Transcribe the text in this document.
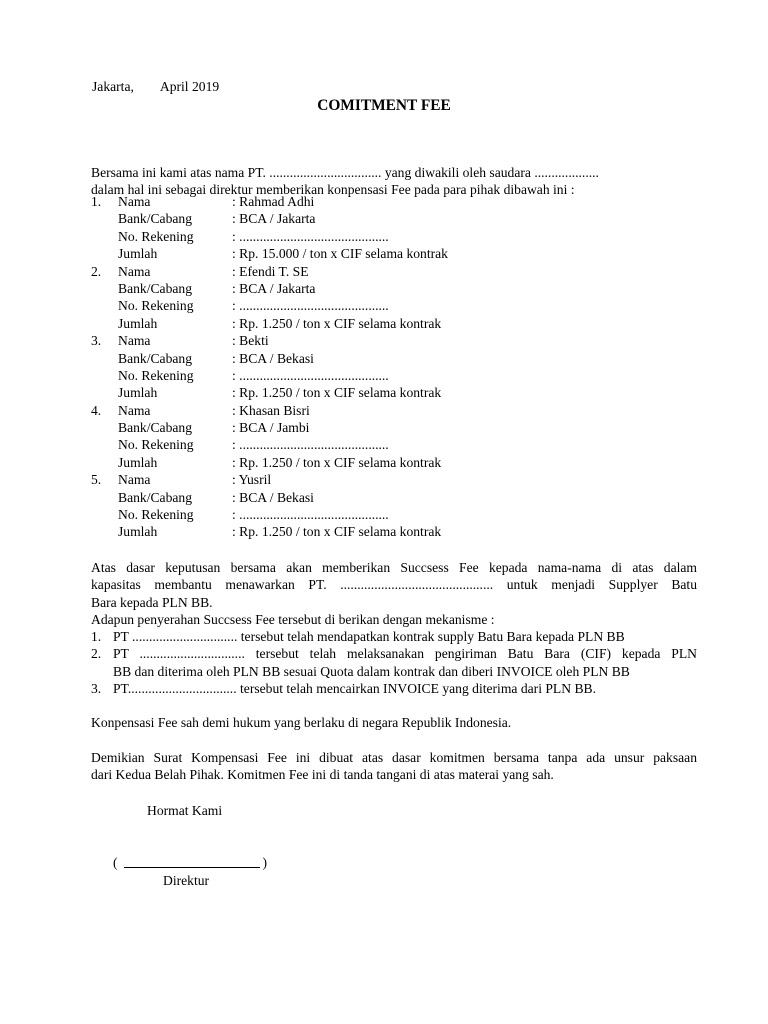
Jakarta, April 2019
COMITMENT FEE
Bersama ini kami atas nama PT. ................................. yang diwakili oleh saudara ...................
dalam hal ini sebagai direktur memberikan konpensasi Fee pada para pihak dibawah ini :
1. Nama	: Rahmad Adhi
Bank/Cabang	: BCA / Jakarta
No. Rekening	: ............................................
Jumlah	: Rp. 15.000 / ton x CIF selama kontrak
2. Nama	: Efendi T. SE
Bank/Cabang	: BCA / Jakarta
No. Rekening	: ............................................
Jumlah	: Rp. 1.250 / ton x CIF selama kontrak
3. Nama	: Bekti
Bank/Cabang	: BCA / Bekasi
No. Rekening	: ............................................
Jumlah	: Rp. 1.250 / ton x CIF selama kontrak
4. Nama	: Khasan Bisri
Bank/Cabang	: BCA / Jambi
No. Rekening	: ............................................
Jumlah	: Rp. 1.250 / ton x CIF selama kontrak
5. Nama	: Yusril
Bank/Cabang	: BCA / Bekasi
No. Rekening	: ............................................
Jumlah	: Rp. 1.250 / ton x CIF selama kontrak
Atas dasar keputusan bersama akan memberikan Succsess Fee kepada nama-nama di atas dalam
kapasitas membantu menawarkan PT. ............................................. untuk menjadi Supplyer Batu
Bara kepada PLN BB.
Adapun penyerahan Succsess Fee tersebut di berikan dengan mekanisme :
1. PT ............................... tersebut telah mendapatkan kontrak supply Batu Bara kepada PLN BB
2. PT ............................... tersebut telah melaksanakan pengiriman Batu Bara (CIF) kepada PLN
BB dan diterima oleh PLN BB sesuai Quota dalam kontrak dan diberi INVOICE oleh PLN BB
3. PT................................ tersebut telah mencairkan INVOICE yang diterima dari PLN BB.
Konpensasi Fee sah demi hukum yang berlaku di negara Republik Indonesia.
Demikian Surat Kompensasi Fee ini dibuat atas dasar komitmen bersama tanpa ada unsur paksaan
dari Kedua Belah Pihak. Komitmen Fee ini di tanda tangani di atas materai yang sah.
Hormat Kami
(	)
Direktur
